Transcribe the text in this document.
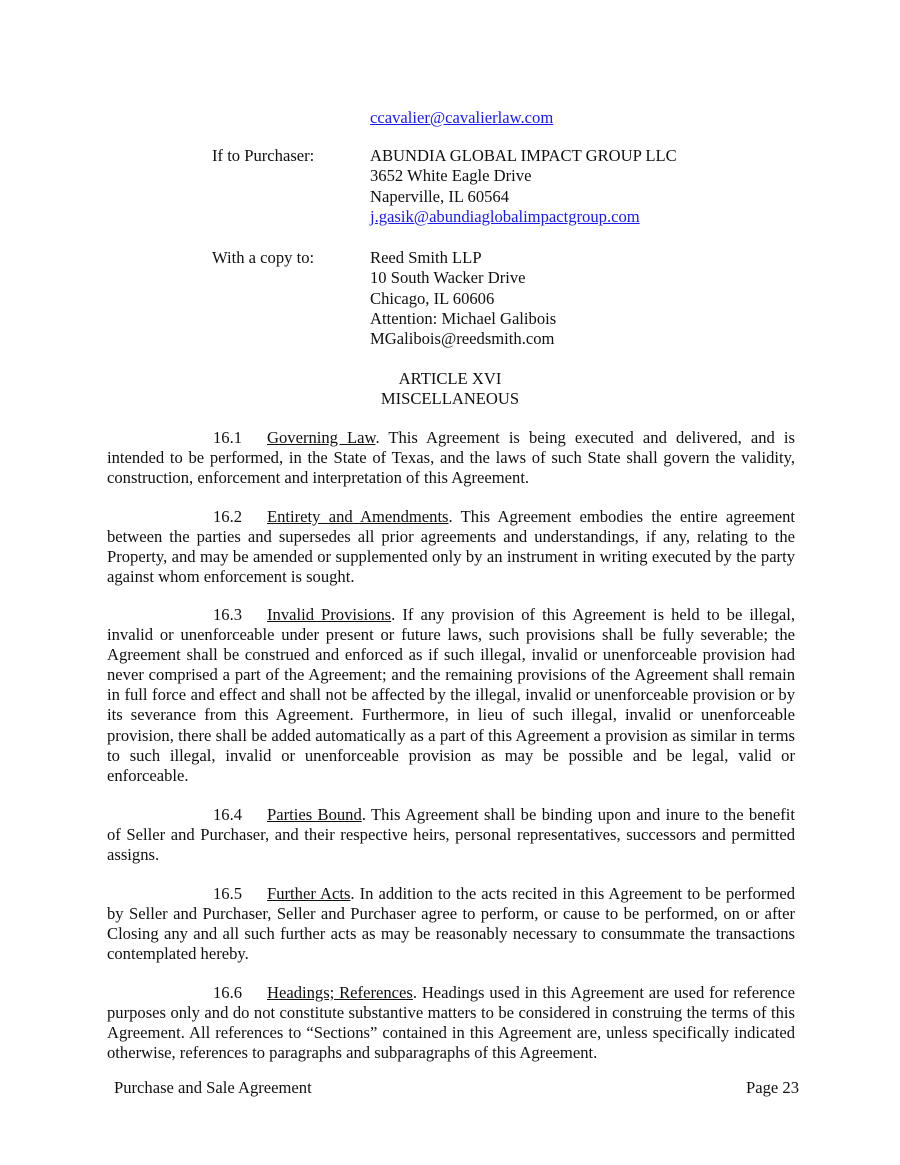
ccavalier@cavalierlaw.com
If to Purchaser:	ABUNDIA GLOBAL IMPACT GROUP LLC
3652 White Eagle Drive
Naperville, IL 60564
j.gasik@abundiaglobalimpactgroup.com
With a copy to:	Reed Smith LLP
10 South Wacker Drive
Chicago, IL 60606
Attention: Michael Galibois
MGalibois@reedsmith.com
ARTICLE XVI
MISCELLANEOUS
16.1 Governing Law. This Agreement is being executed and delivered, and is intended to be performed, in the State of Texas, and the laws of such State shall govern the validity, construction, enforcement and interpretation of this Agreement.
16.2 Entirety and Amendments. This Agreement embodies the entire agreement between the parties and supersedes all prior agreements and understandings, if any, relating to the Property, and may be amended or supplemented only by an instrument in writing executed by the party against whom enforcement is sought.
16.3 Invalid Provisions. If any provision of this Agreement is held to be illegal, invalid or unenforceable under present or future laws, such provisions shall be fully severable; the Agreement shall be construed and enforced as if such illegal, invalid or unenforceable provision had never comprised a part of the Agreement; and the remaining provisions of the Agreement shall remain in full force and effect and shall not be affected by the illegal, invalid or unenforceable provision or by its severance from this Agreement. Furthermore, in lieu of such illegal, invalid or unenforceable provision, there shall be added automatically as a part of this Agreement a provision as similar in terms to such illegal, invalid or unenforceable provision as may be possible and be legal, valid or enforceable.
16.4 Parties Bound. This Agreement shall be binding upon and inure to the benefit of Seller and Purchaser, and their respective heirs, personal representatives, successors and permitted assigns.
16.5 Further Acts. In addition to the acts recited in this Agreement to be performed by Seller and Purchaser, Seller and Purchaser agree to perform, or cause to be performed, on or after Closing any and all such further acts as may be reasonably necessary to consummate the transactions contemplated hereby.
16.6 Headings; References. Headings used in this Agreement are used for reference purposes only and do not constitute substantive matters to be considered in construing the terms of this Agreement. All references to “Sections” contained in this Agreement are, unless specifically indicated otherwise, references to paragraphs and subparagraphs of this Agreement.
Purchase and Sale Agreement	Page 23
